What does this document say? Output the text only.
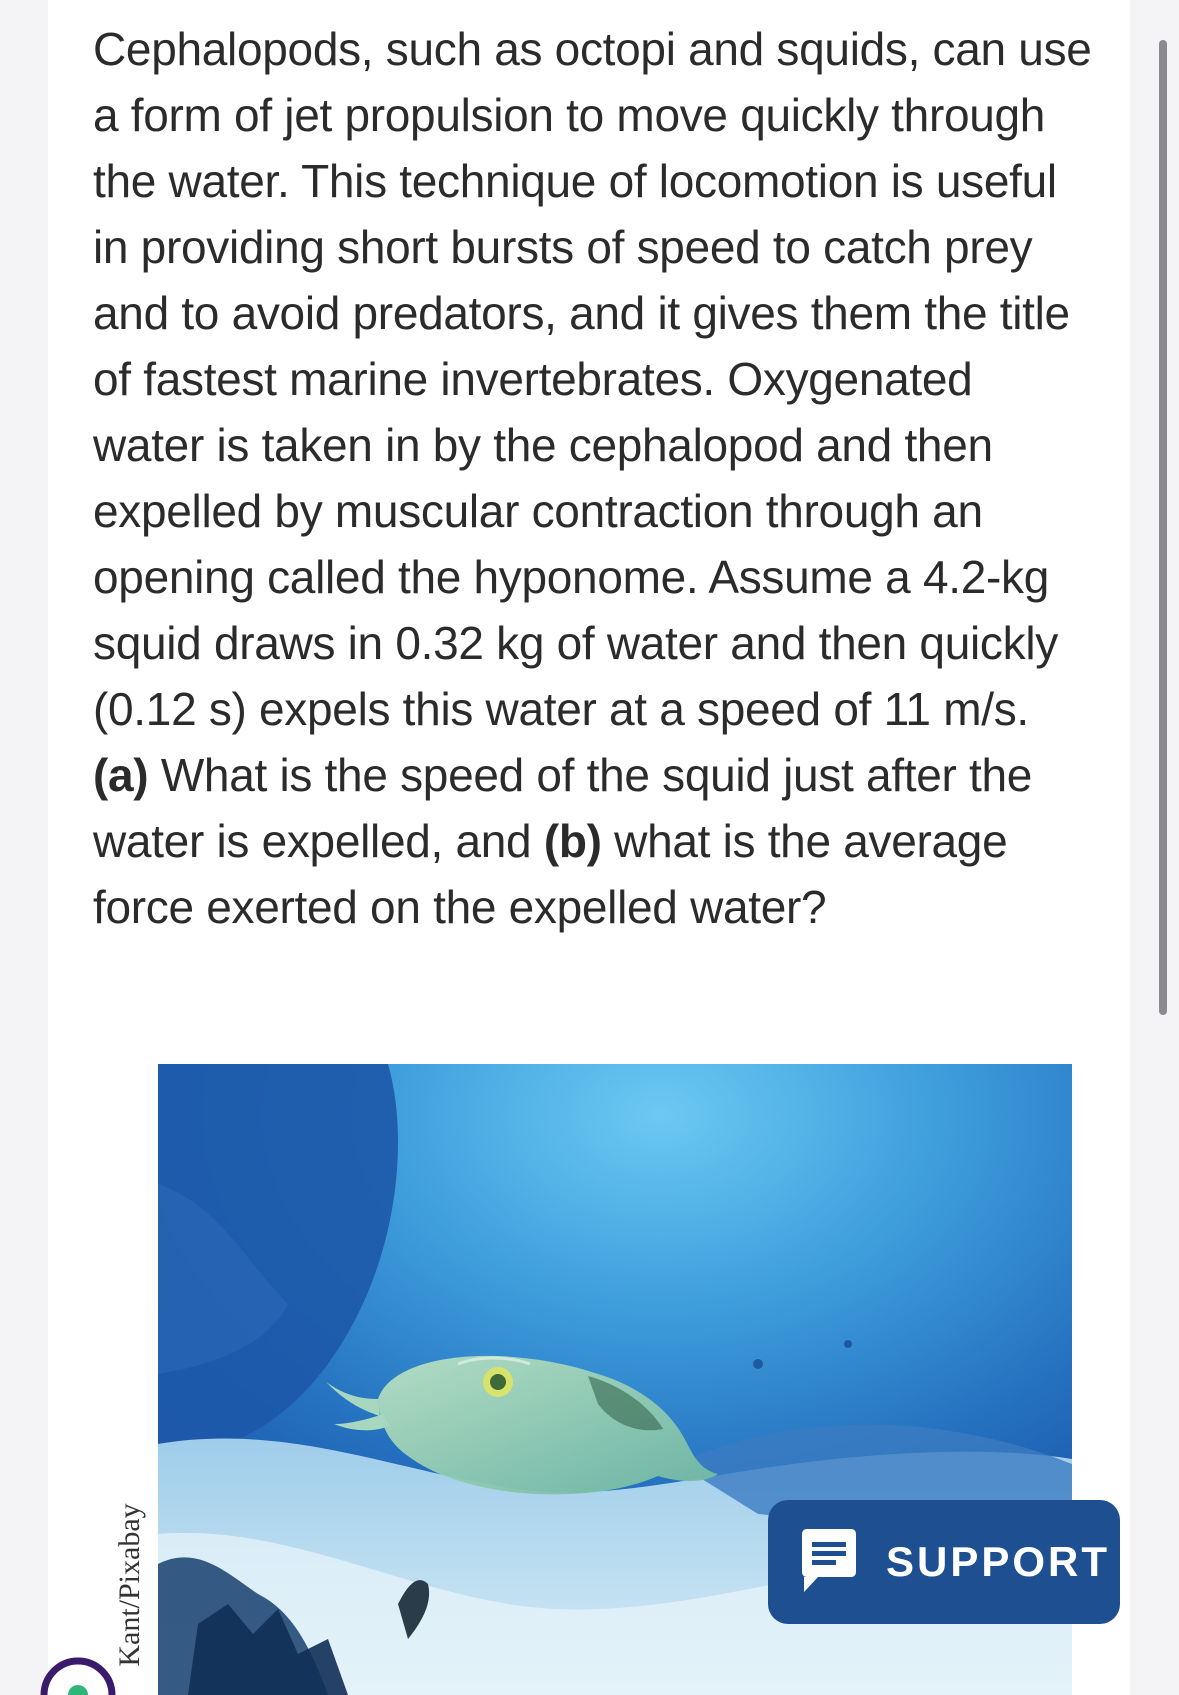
Cephalopods, such as octopi and squids, can use a form of jet propulsion to move quickly through the water. This technique of locomotion is useful in providing short bursts of speed to catch prey and to avoid predators, and it gives them the title of fastest marine invertebrates. Oxygenated water is taken in by the cephalopod and then expelled by muscular contraction through an opening called the hyponome. Assume a 4.2-kg squid draws in 0.32 kg of water and then quickly (0.12 s) expels this water at a speed of 11 m/s. (a) What is the speed of the squid just after the water is expelled, and (b) what is the average force exerted on the expelled water?

Kant/Pixabay	SUPPORT
